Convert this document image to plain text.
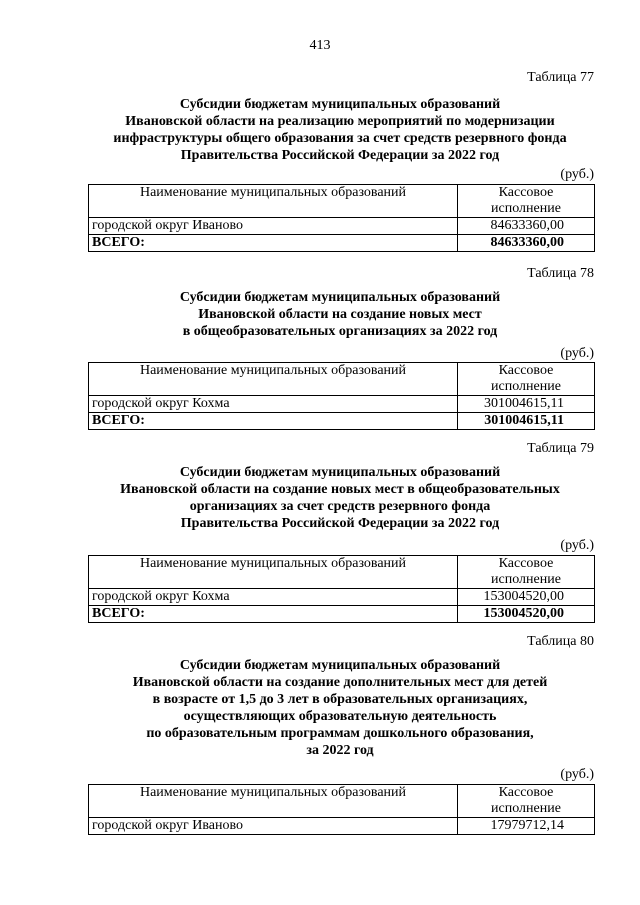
413
Таблица 77
Субсидии бюджетам муниципальных образований
Ивановской области на реализацию мероприятий по модернизации
инфраструктуры общего образования за счет средств резервного фонда
Правительства Российской Федерации за 2022 год
(руб.)
Наименование муниципальных образований	Кассовое
исполнение

городской округ Иваново	84633360,00
ВСЕГО:	84633360,00
Таблица 78
Субсидии бюджетам муниципальных образований
Ивановской области на создание новых мест
в общеобразовательных организациях за 2022 год
(руб.)
Наименование муниципальных образований	Кассовое
исполнение

городской округ Кохма	301004615,11
ВСЕГО:	301004615,11
Таблица 79
Субсидии бюджетам муниципальных образований
Ивановской области на создание новых мест в общеобразовательных
организациях за счет средств резервного фонда
Правительства Российской Федерации за 2022 год
(руб.)
Наименование муниципальных образований	Кассовое
исполнение

городской округ Кохма	153004520,00
ВСЕГО:	153004520,00
Таблица 80
Субсидии бюджетам муниципальных образований
Ивановской области на создание дополнительных мест для детей
в возрасте от 1,5 до 3 лет в образовательных организациях,
осуществляющих образовательную деятельность
по образовательным программам дошкольного образования,
за 2022 год
(руб.)
Наименование муниципальных образований	Кассовое
исполнение

городской округ Иваново	17979712,14
